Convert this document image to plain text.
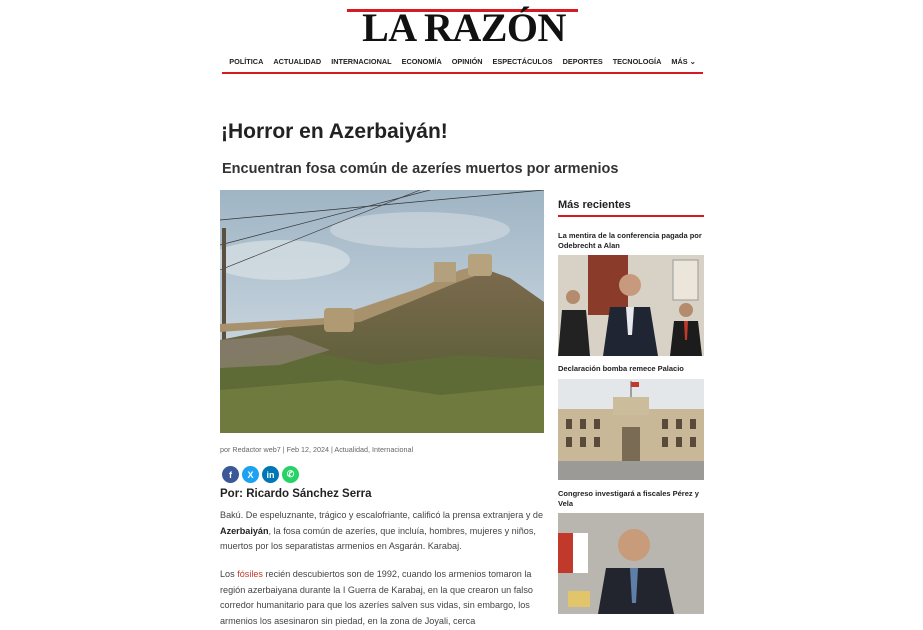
LA RAZÓN
POLÍTICA	ACTUALIDAD	INTERNACIONAL	ECONOMÍA	OPINIÓN	ESPECTÁCULOS	DEPORTES	TECNOLOGÍA	MÁS ⌄
¡Horror en Azerbaiyán!
Encuentran fosa común de azeríes muertos por armenios
por Redactor web7 | Feb 12, 2024 | Actualidad, Internacional
f	X	in	✆
Por: Ricardo Sánchez Serra

Bakú. De espeluznante, trágico y escalofriante, calificó la prensa extranjera y de Azerbaiyán, la fosa común de azeríes, que incluía, hombres, mujeres y niños, muertos por los separatistas armenios en Asgarán. Karabaj.

Los fósiles recién descubiertos son de 1992, cuando los armenios tomaron la región azerbaiyana durante la I Guerra de Karabaj, en la que crearon un falso corredor humanitario para que los azeríes salven sus vidas, sin embargo, los armenios los asesinaron sin piedad, en la zona de Joyali, cerca

Más recientes
La mentira de la conferencia pagada por Odebrecht a Alan
Declaración bomba remece Palacio
Congreso investigará a fiscales Pérez y Vela
